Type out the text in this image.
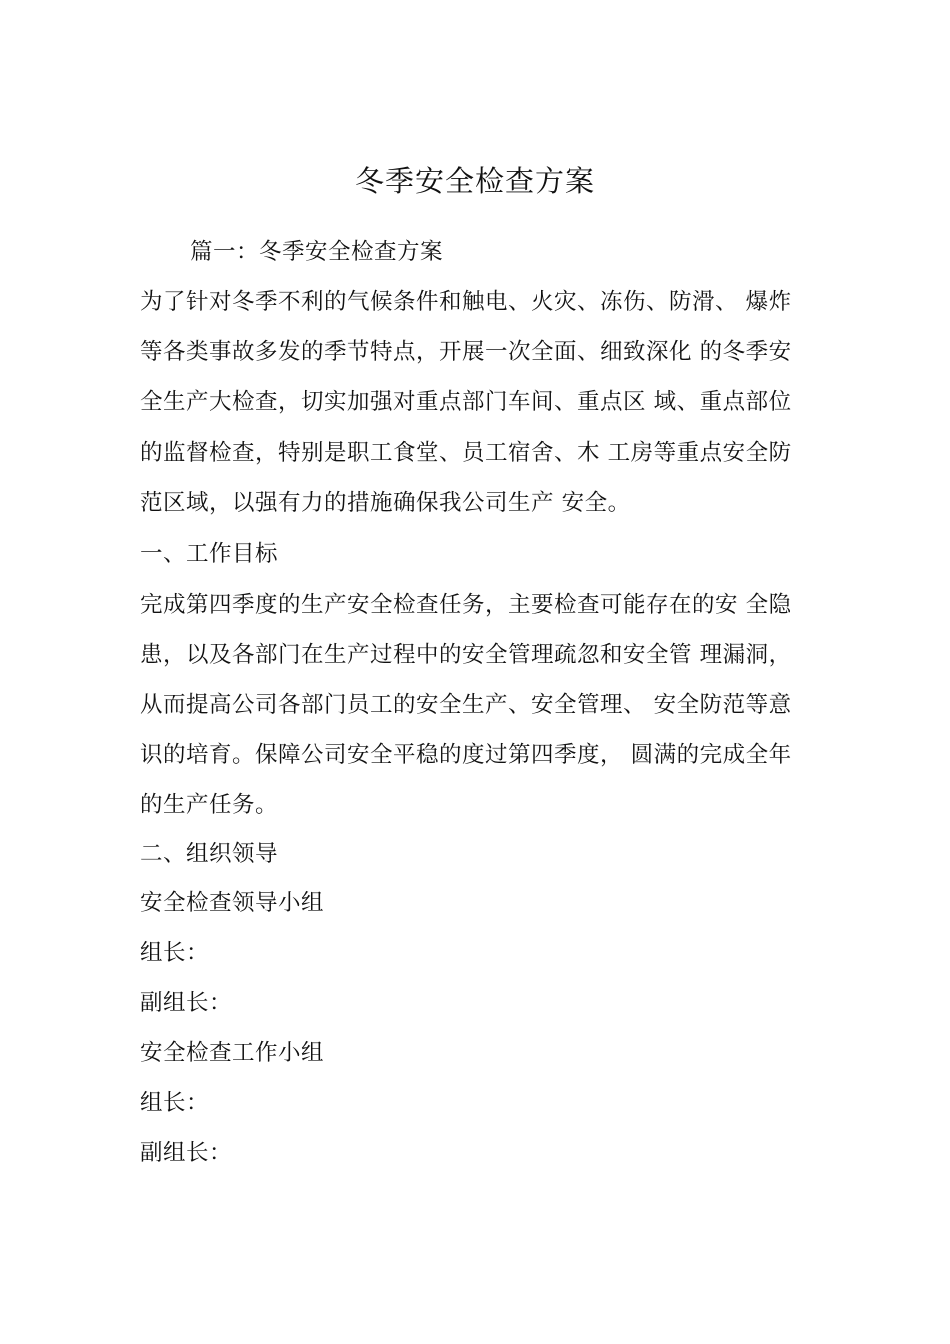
冬季安全检查方案
篇一：冬季安全检查方案
为了针对冬季不利的气候条件和触电、火灾、冻伤、防滑、 爆炸
等各类事故多发的季节特点，开展一次全面、细致深化 的冬季安
全生产大检查，切实加强对重点部门车间、重点区 域、重点部位
的监督检查，特别是职工食堂、员工宿舍、木 工房等重点安全防
范区域，以强有力的措施确保我公司生产 安全。
一、工作目标
完成第四季度的生产安全检查任务，主要检查可能存在的安 全隐
患，以及各部门在生产过程中的安全管理疏忽和安全管 理漏洞，
从而提高公司各部门员工的安全生产、安全管理、 安全防范等意
识的培育。保障公司安全平稳的度过第四季度， 圆满的完成全年
的生产任务。
二、组织领导
安全检查领导小组
组长：
副组长：
安全检查工作小组
组长：
副组长：
